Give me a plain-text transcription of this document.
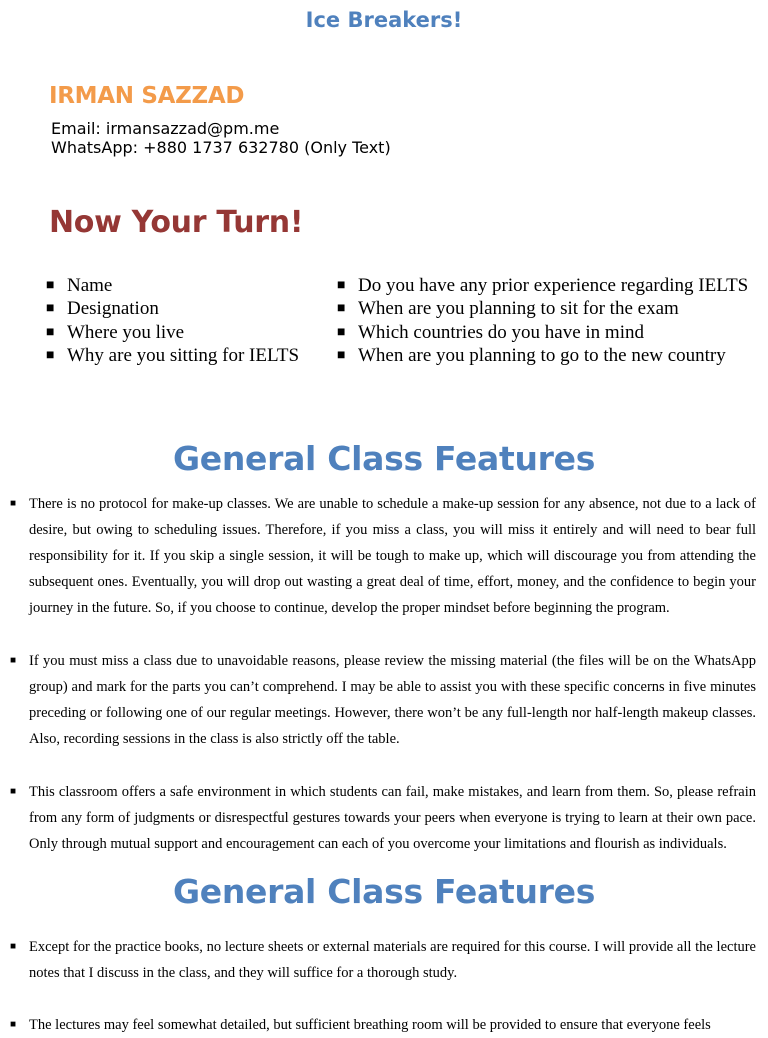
Ice Breakers!
IRMAN SAZZAD
Email: irmansazzad@pm.me
WhatsApp: +880 1737 632780 (Only Text)
Now Your Turn!
■ Name
■ Designation
■ Where you live
■ Why are you sitting for IELTS
■ Do you have any prior experience regarding IELTS
■ When are you planning to sit for the exam
■ Which countries do you have in mind
■ When are you planning to go to the new country
General Class Features
■ There is no protocol for make-up classes. We are unable to schedule a make-up session for any absence, not due to a lack of desire, but owing to scheduling issues. Therefore, if you miss a class, you will miss it entirely and will need to bear full responsibility for it. If you skip a single session, it will be tough to make up, which will discourage you from attending the subsequent ones. Eventually, you will drop out wasting a great deal of time, effort, money, and the confidence to begin your journey in the future. So, if you choose to continue, develop the proper mindset before beginning the program.
■ If you must miss a class due to unavoidable reasons, please review the missing material (the files will be on the WhatsApp group) and mark for the parts you can’t comprehend. I may be able to assist you with these specific concerns in five minutes preceding or following one of our regular meetings. However, there won’t be any full-length nor half-length makeup classes. Also, recording sessions in the class is also strictly off the table.
■ This classroom offers a safe environment in which students can fail, make mistakes, and learn from them. So, please refrain from any form of judgments or disrespectful gestures towards your peers when everyone is trying to learn at their own pace. Only through mutual support and encouragement can each of you overcome your limitations and flourish as individuals.
General Class Features
■ Except for the practice books, no lecture sheets or external materials are required for this course. I will provide all the lecture notes that I discuss in the class, and they will suffice for a thorough study.
■ The lectures may feel somewhat detailed, but sufficient breathing room will be provided to ensure that everyone feels
